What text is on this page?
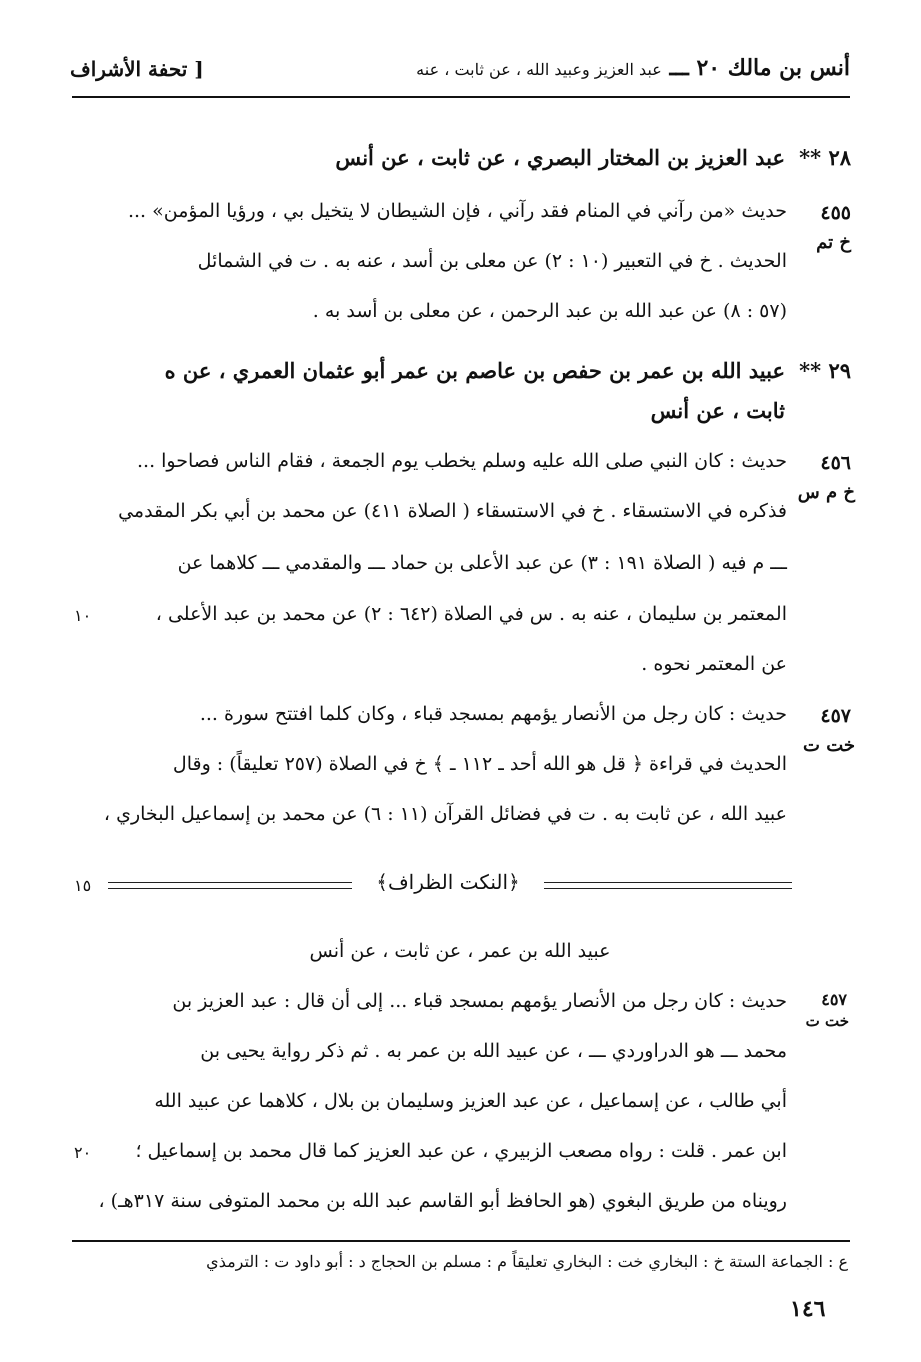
أنس بن مالك ٢٠ ـــ عبد العزيز وعبيد الله ، عن ثابت ، عنه
[ تحفة الأشراف
٢٨ **
عبد العزيز بن المختار البصري ، عن ثابت ، عن أنس
٤٥٥
خ تم
حديث «من رآني في المنام فقد رآني ، فإن الشيطان لا يتخيل بي ، ورؤيا المؤمن» ...
الحديث . خ في التعبير (١٠ : ٢) عن معلى بن أسد ، عنه به . ت في الشمائل
(٥٧ : ٨) عن عبد الله بن عبد الرحمن ، عن معلى بن أسد به .
٢٩ **
عبيد الله بن عمر بن حفص بن عاصم بن عمر أبو عثمان العمري ، عن ه
ثابت ، عن أنس
٤٥٦
خ م س
حديث : كان النبي صلى الله عليه وسلم يخطب يوم الجمعة ، فقام الناس فصاحوا ...
فذكره في الاستسقاء . خ في الاستسقاء ( الصلاة ٤١١) عن محمد بن أبي بكر المقدمي
ـــ م فيه ( الصلاة ١٩١ : ٣) عن عبد الأعلى بن حماد ـــ والمقدمي ـــ كلاهما عن
المعتمر بن سليمان ، عنه به . س في الصلاة (٦٤٢ : ٢) عن محمد بن عبد الأعلى ،
١٠
عن المعتمر نحوه .
٤٥٧
خت ت
حديث : كان رجل من الأنصار يؤمهم بمسجد قباء ، وكان كلما افتتح سورة ...
الحديث في قراءة ﴿ قل هو الله أحد ـ ١١٢ ـ ﴾ خ في الصلاة (٢٥٧ تعليقاً) : وقال
عبيد الله ، عن ثابت به . ت في فضائل القرآن (١١ : ٦) عن محمد بن إسماعيل البخاري ،
﴿النكت الظراف﴾
١٥
عبيد الله بن عمر ، عن ثابت ، عن أنس
٤٥٧
خت ت
حديث : كان رجل من الأنصار يؤمهم بمسجد قباء ... إلى أن قال : عبد العزيز بن
محمد ـــ هو الدراوردي ـــ ، عن عبيد الله بن عمر به . ثم ذكر رواية يحيى بن
أبي طالب ، عن إسماعيل ، عن عبد العزيز وسليمان بن بلال ، كلاهما عن عبيد الله
ابن عمر . قلت : رواه مصعب الزبيري ، عن عبد العزيز كما قال محمد بن إسماعيل ؛
٢٠
رويناه من طريق البغوي (هو الحافظ أبو القاسم عبد الله بن محمد المتوفى سنة ٣١٧هـ) ،
ع : الجماعة الستة خ : البخاري خت : البخاري تعليقاً م : مسلم بن الحجاج د : أبو داود ت : الترمذي
١٤٦
